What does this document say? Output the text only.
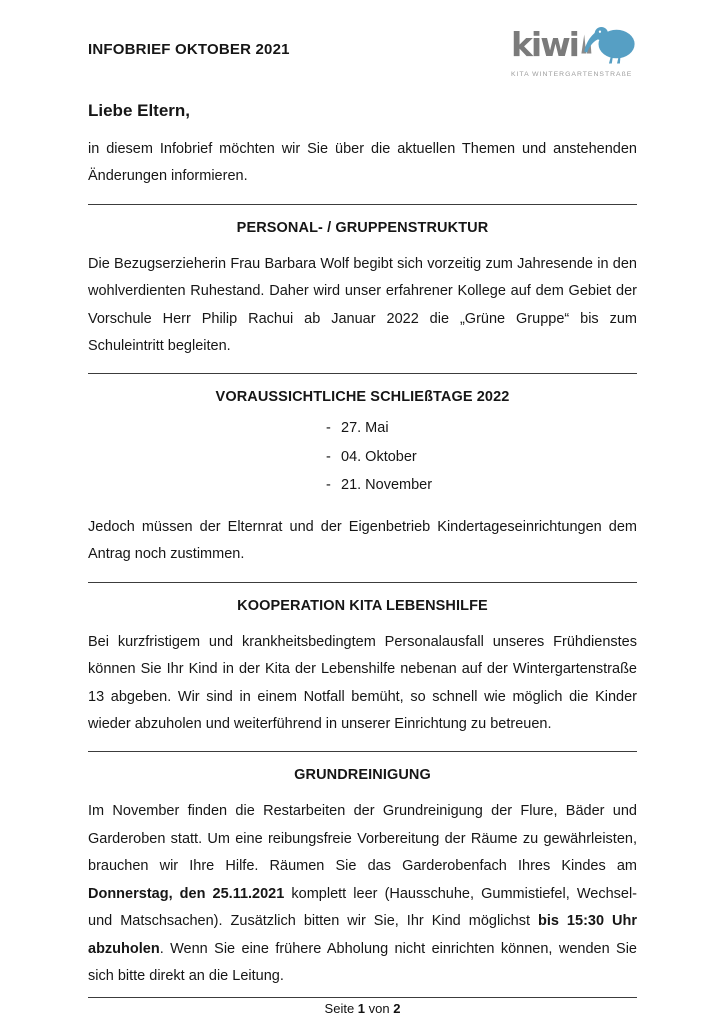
INFOBRIEF OKTOBER 2021	kiwi
KITA WINTERGARTENSTRAßE
Liebe Eltern,

in diesem Infobrief möchten wir Sie über die aktuellen Themen und anstehenden Änderungen informieren.

PERSONAL- / GRUPPENSTRUKTUR

Die Bezugserzieherin Frau Barbara Wolf begibt sich vorzeitig zum Jahresende in den wohlverdienten Ruhestand. Daher wird unser erfahrener Kollege auf dem Gebiet der Vorschule Herr Philip Rachui ab Januar 2022 die „Grüne Gruppe“ bis zum Schuleintritt begleiten.

VORAUSSICHTLICHE SCHLIEßTAGE 2022
- 27. Mai
- 04. Oktober
- 21. November

Jedoch müssen der Elternrat und der Eigenbetrieb Kindertageseinrichtungen dem Antrag noch zustimmen.

KOOPERATION KITA LEBENSHILFE

Bei kurzfristigem und krankheitsbedingtem Personalausfall unseres Frühdienstes können Sie Ihr Kind in der Kita der Lebenshilfe nebenan auf der Wintergartenstraße 13 abgeben. Wir sind in einem Notfall bemüht, so schnell wie möglich die Kinder wieder abzuholen und weiterführend in unserer Einrichtung zu betreuen.

GRUNDREINIGUNG

Im November finden die Restarbeiten der Grundreinigung der Flure, Bäder und Garderoben statt. Um eine reibungsfreie Vorbereitung der Räume zu gewährleisten, brauchen wir Ihre Hilfe. Räumen Sie das Garderobenfach Ihres Kindes am Donnerstag, den 25.11.2021 komplett leer (Hausschuhe, Gummistiefel, Wechsel- und Matschsachen). Zusätzlich bitten wir Sie, Ihr Kind möglichst bis 15:30 Uhr abzuholen. Wenn Sie eine frühere Abholung nicht einrichten können, wenden Sie sich bitte direkt an die Leitung.

Seite 1 von 2
